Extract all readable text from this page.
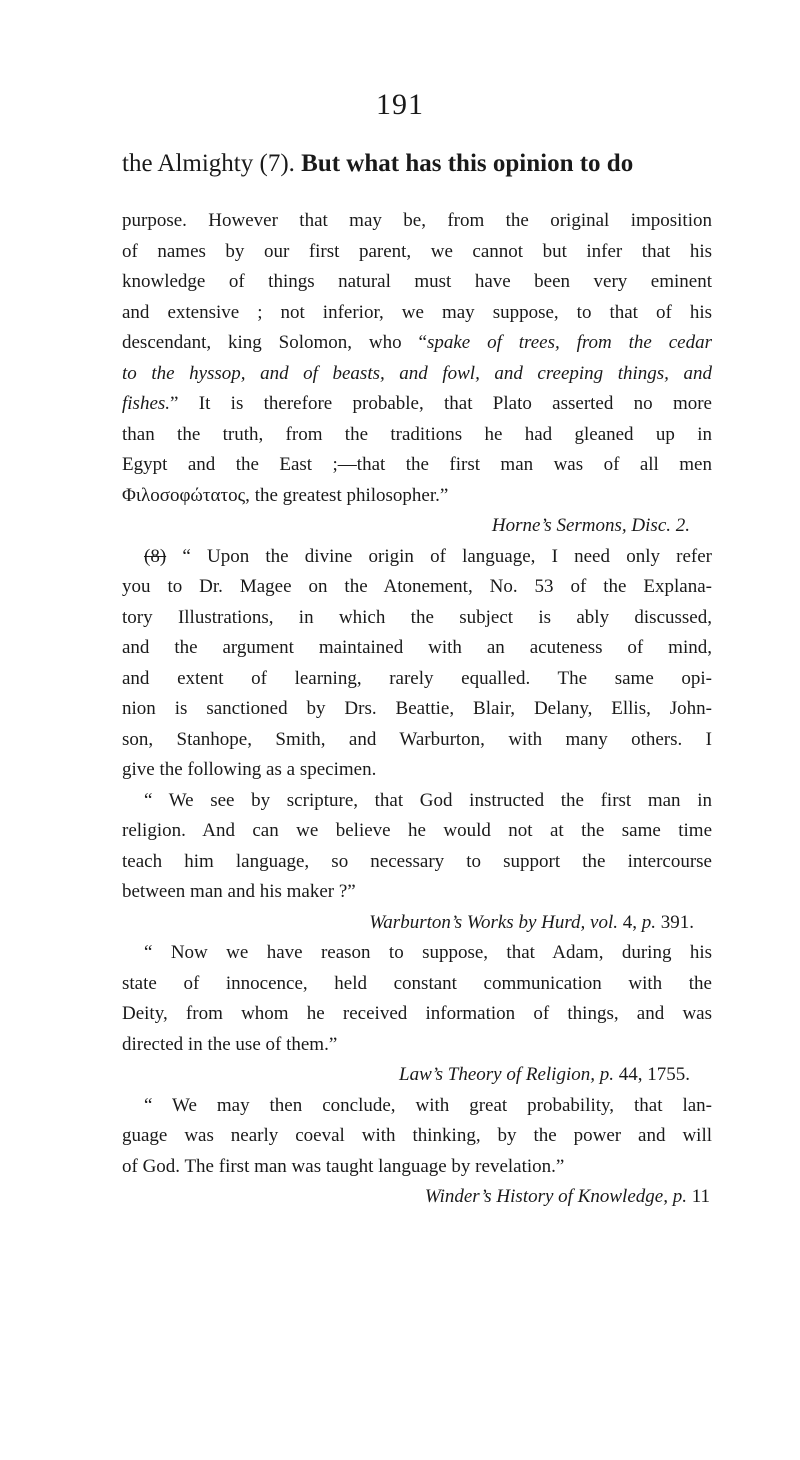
191
the Almighty (7). But what has this opinion to do
purpose. However that may be, from the original imposition
of names by our first parent, we cannot but infer that his
knowledge of things natural must have been very eminent
and extensive ; not inferior, we may suppose, to that of his
descendant, king Solomon, who “spake of trees, from the cedar
to the hyssop, and of beasts, and fowl, and creeping things, and
fishes.” It is therefore probable, that Plato asserted no more
than the truth, from the traditions he had gleaned up in
Egypt and the East ;—that the first man was of all men
Φιλοσοφώτατος, the greatest philosopher.”
Horne’s Sermons, Disc. 2.
(8) “ Upon the divine origin of language, I need only refer
you to Dr. Magee on the Atonement, No. 53 of the Explana-
tory Illustrations, in which the subject is ably discussed,
and the argument maintained with an acuteness of mind,
and extent of learning, rarely equalled. The same opi-
nion is sanctioned by Drs. Beattie, Blair, Delany, Ellis, John-
son, Stanhope, Smith, and Warburton, with many others. I
give the following as a specimen.
“ We see by scripture, that God instructed the first man in
religion. And can we believe he would not at the same time
teach him language, so necessary to support the intercourse
between man and his maker ?”
Warburton’s Works by Hurd, vol. 4, p. 391.
“ Now we have reason to suppose, that Adam, during his
state of innocence, held constant communication with the
Deity, from whom he received information of things, and was
directed in the use of them.”
Law’s Theory of Religion, p. 44, 1755.
“ We may then conclude, with great probability, that lan-
guage was nearly coeval with thinking, by the power and will
of God. The first man was taught language by revelation.”
Winder’s History of Knowledge, p. 11
